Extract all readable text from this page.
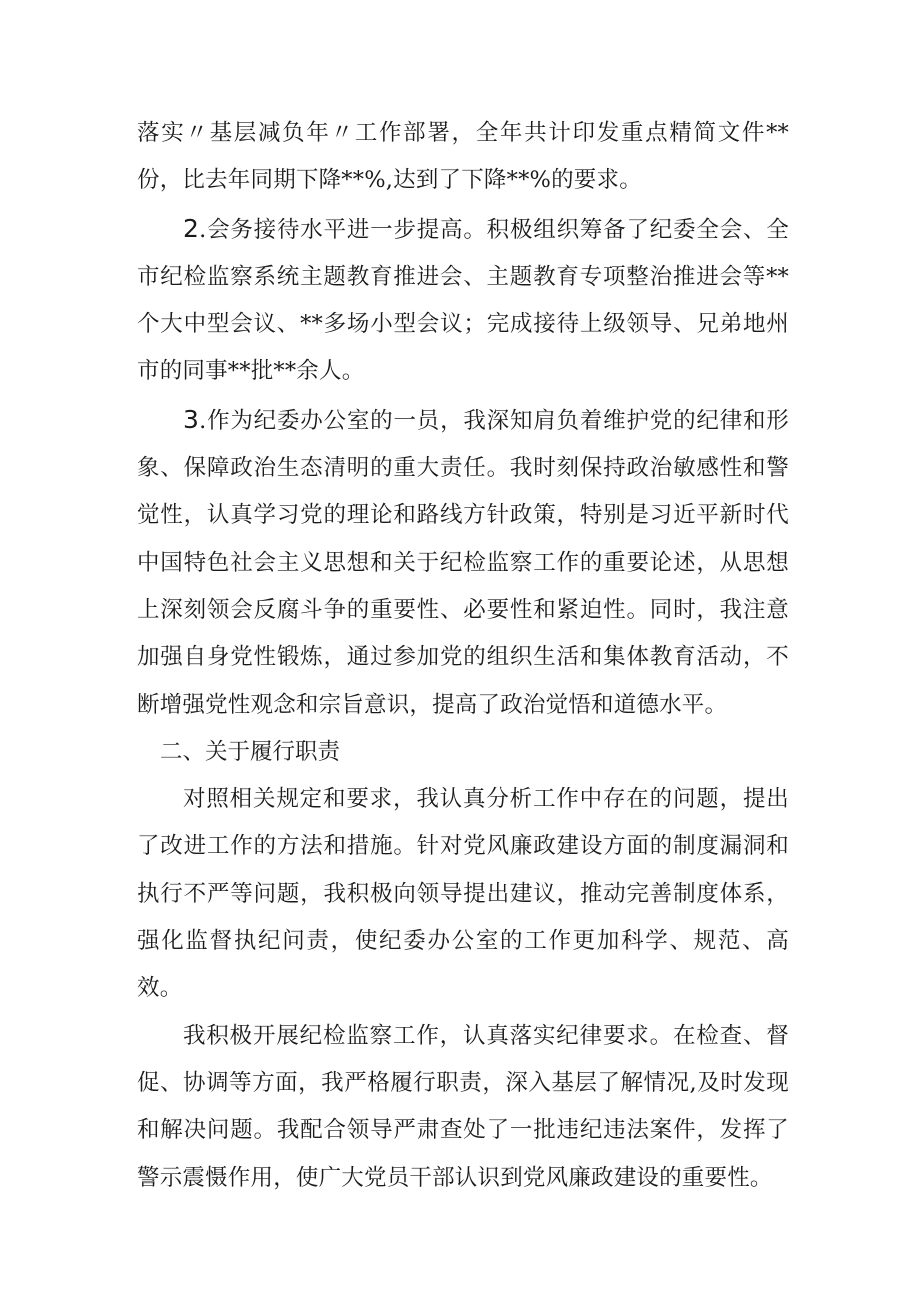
落实〃基层减负年〃工作部署，全年共计印发重点精简文件**份，比去年同期下降**%,达到了下降**%的要求。

2.会务接待水平进一步提高。积极组织筹备了纪委全会、全市纪检监察系统主题教育推进会、主题教育专项整治推进会等**个大中型会议、**多场小型会议；完成接待上级领导、兄弟地州市的同事**批**余人。

3.作为纪委办公室的一员，我深知肩负着维护党的纪律和形象、保障政治生态清明的重大责任。我时刻保持政治敏感性和警觉性，认真学习党的理论和路线方针政策，特别是习近平新时代中国特色社会主义思想和关于纪检监察工作的重要论述，从思想上深刻领会反腐斗争的重要性、必要性和紧迫性。同时，我注意加强自身党性锻炼，通过参加党的组织生活和集体教育活动，不断增强党性观念和宗旨意识，提高了政治觉悟和道德水平。

二、关于履行职责

对照相关规定和要求，我认真分析工作中存在的问题，提出了改进工作的方法和措施。针对党风廉政建设方面的制度漏洞和执行不严等问题，我积极向领导提出建议，推动完善制度体系，强化监督执纪问责，使纪委办公室的工作更加科学、规范、高效。

我积极开展纪检监察工作，认真落实纪律要求。在检查、督促、协调等方面，我严格履行职责，深入基层了解情况,及时发现和解决问题。我配合领导严肃查处了一批违纪违法案件，发挥了警示震慑作用，使广大党员干部认识到党风廉政建设的重要性。
